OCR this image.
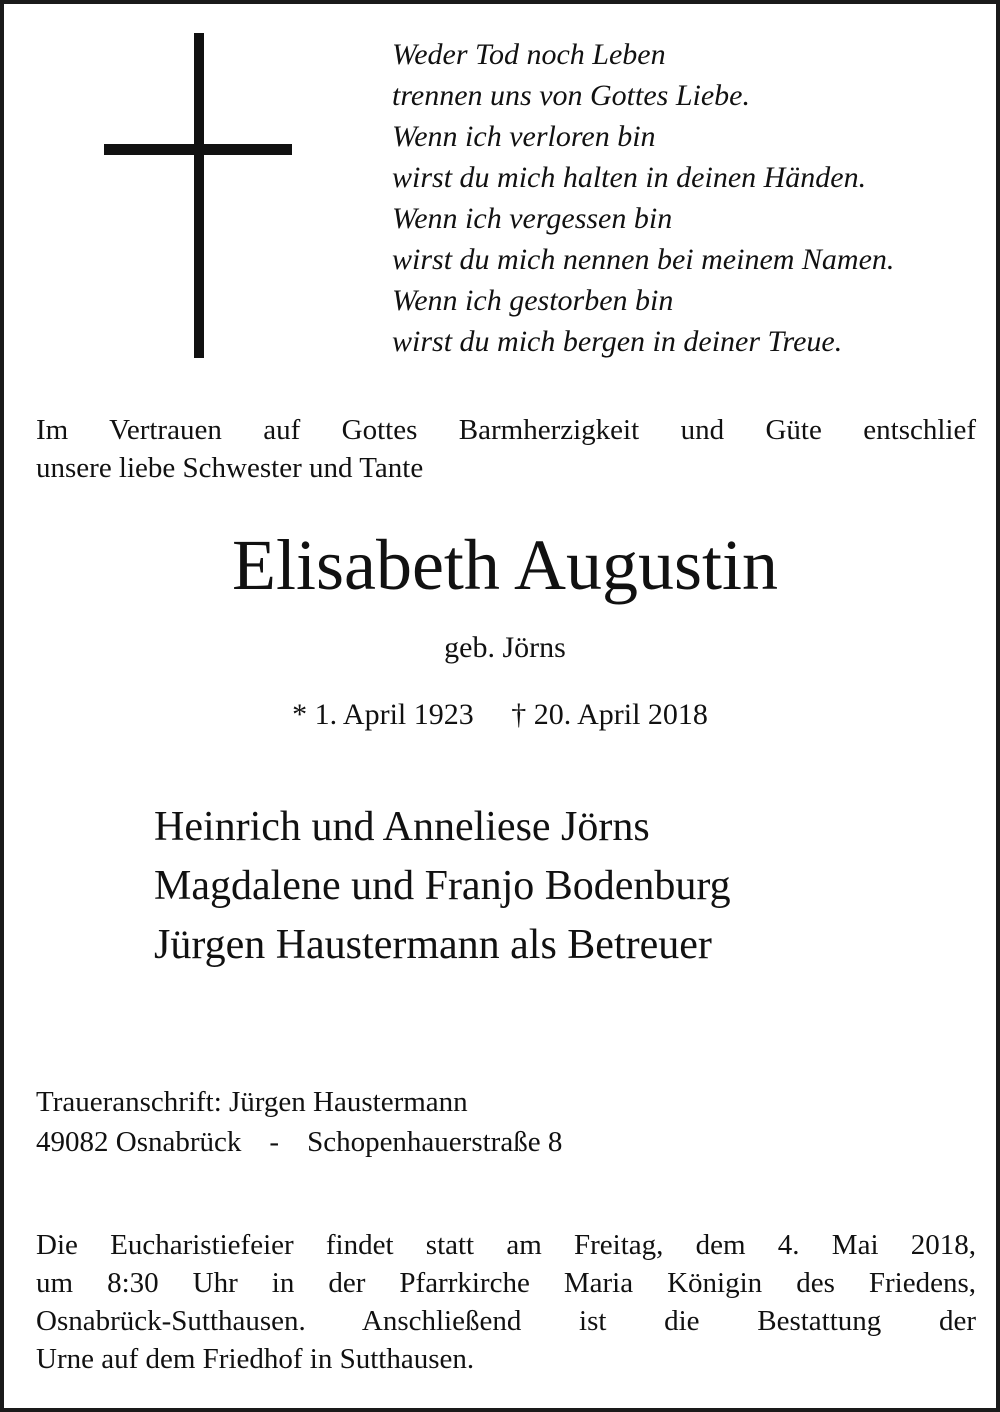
Weder Tod noch Leben
trennen uns von Gottes Liebe.
Wenn ich verloren bin
wirst du mich halten in deinen Händen.
Wenn ich vergessen bin
wirst du mich nennen bei meinem Namen.
Wenn ich gestorben bin
wirst du mich bergen in deiner Treue.
Im Vertrauen auf Gottes Barmherzigkeit und Güte entschlief
unsere liebe Schwester und Tante
Elisabeth Augustin
geb. Jörns
* 1. April 1923     † 20. April 2018
Heinrich und Anneliese Jörns
Magdalene und Franjo Bodenburg
Jürgen Haustermann als Betreuer
Traueranschrift: Jürgen Haustermann
49082 Osnabrück - Schopenhauerstraße 8
Die Eucharistiefeier findet statt am Freitag, dem 4. Mai 2018,
um 8:30 Uhr in der Pfarrkirche Maria Königin des Friedens,
Osnabrück-Sutthausen. Anschließend ist die Bestattung der
Urne auf dem Friedhof in Sutthausen.
